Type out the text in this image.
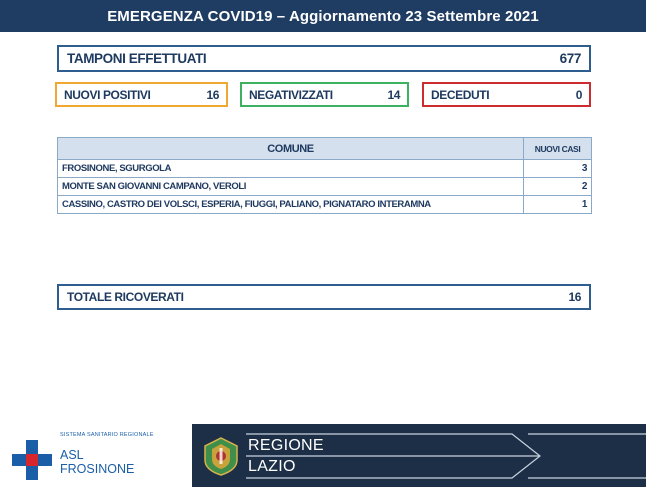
EMERGENZA COVID19 – Aggiornamento 23 Settembre 2021
TAMPONI EFFETTUATI	677
NUOVI POSITIVI	16	NEGATIVIZZATI	14	DECEDUTI	0
COMUNE	NUOVI CASI
FROSINONE, SGURGOLA	3
MONTE SAN GIOVANNI CAMPANO, VEROLI	2
CASSINO, CASTRO DEI VOLSCI, ESPERIA, FIUGGI, PALIANO, PIGNATARO INTERAMNA	1
TOTALE RICOVERATI	16
SISTEMA SANITARIO REGIONALE
ASL
FROSINONE
REGIONE
LAZIO
